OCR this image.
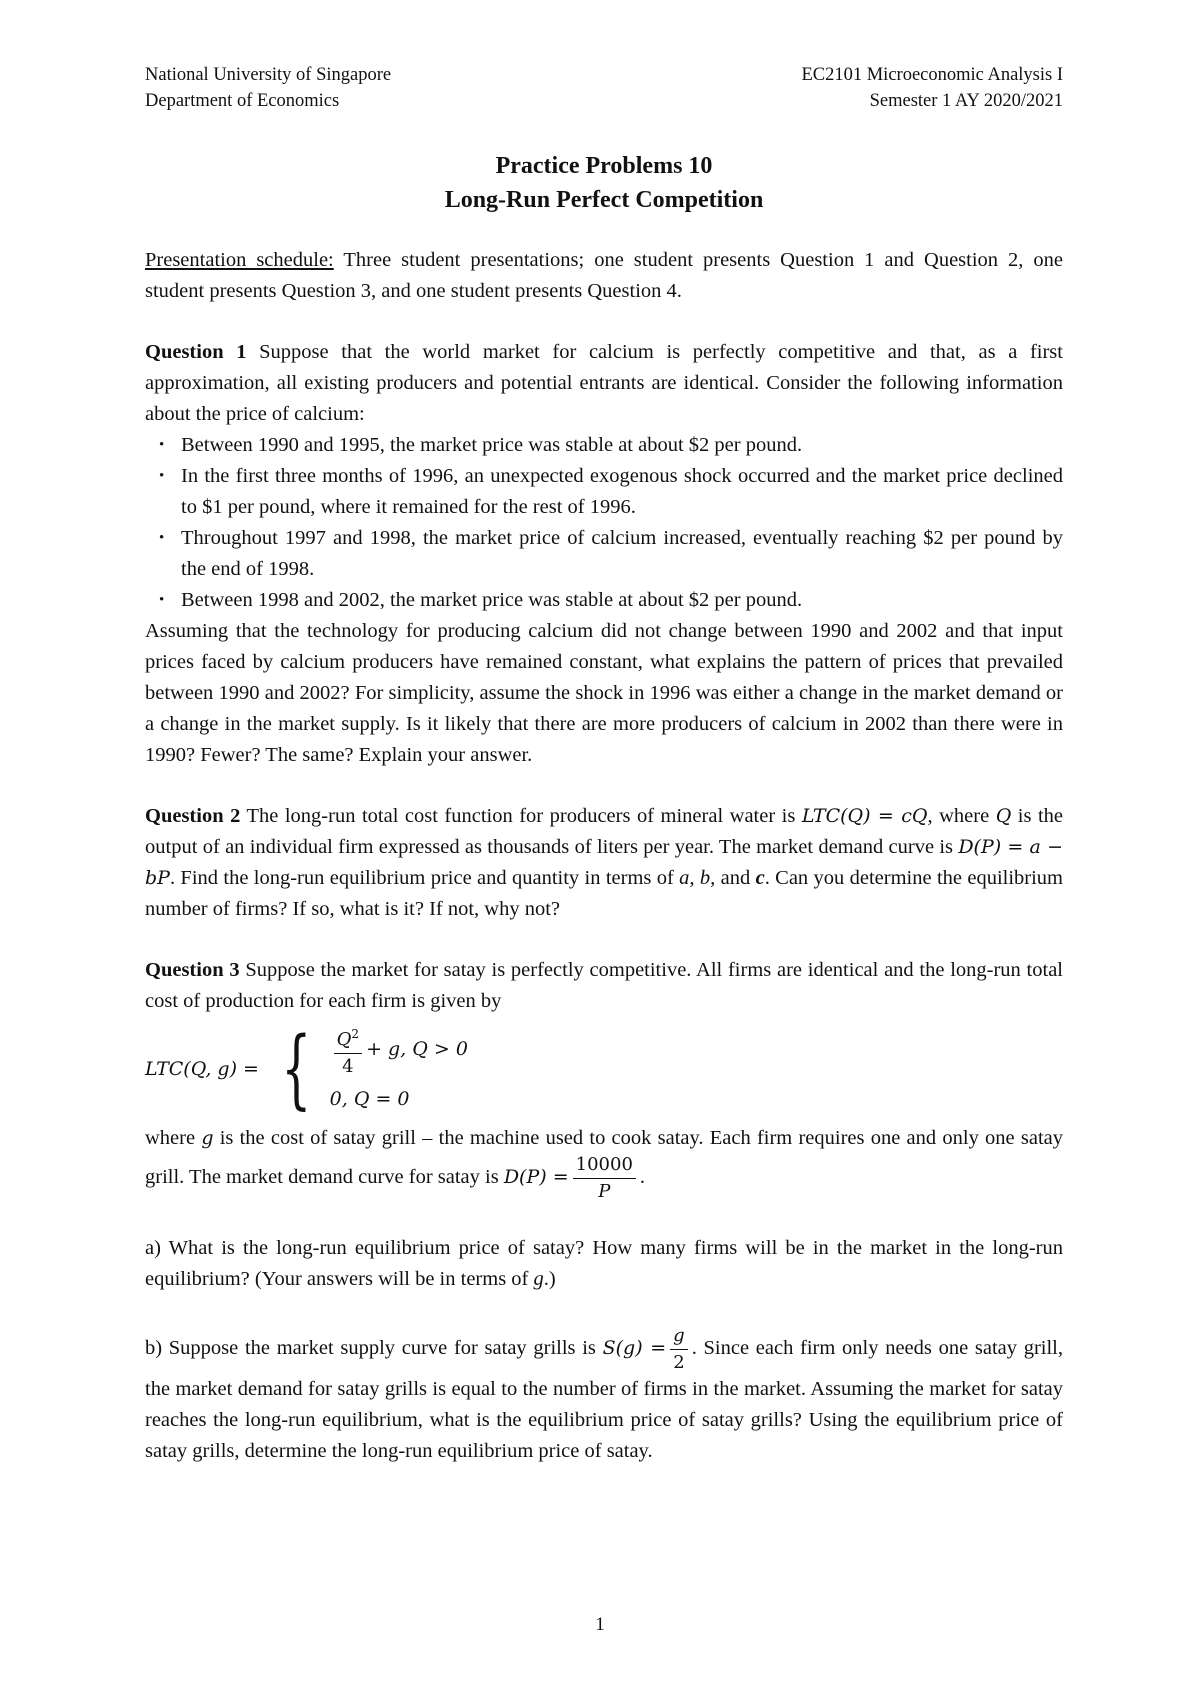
National University of Singapore	EC2101 Microeconomic Analysis I
Department of Economics	Semester 1 AY 2020/2021
Practice Problems 10
Long-Run Perfect Competition

Presentation schedule: Three student presentations; one student presents Question 1 and Question 2, one student presents Question 3, and one student presents Question 4.

Question 1 Suppose that the world market for calcium is perfectly competitive and that, as a first approximation, all existing producers and potential entrants are identical. Consider the following information about the price of calcium:

• Between 1990 and 1995, the market price was stable at about $2 per pound.
• In the first three months of 1996, an unexpected exogenous shock occurred and the market price declined to $1 per pound, where it remained for the rest of 1996.
• Throughout 1997 and 1998, the market price of calcium increased, eventually reaching $2 per pound by the end of 1998.
• Between 1998 and 2002, the market price was stable at about $2 per pound.

Assuming that the technology for producing calcium did not change between 1990 and 2002 and that input prices faced by calcium producers have remained constant, what explains the pattern of prices that prevailed between 1990 and 2002? For simplicity, assume the shock in 1996 was either a change in the market demand or a change in the market supply. Is it likely that there are more producers of calcium in 2002 than there were in 1990? Fewer? The same? Explain your answer.

Question 2 The long-run total cost function for producers of mineral water is LTC(Q) = cQ, where Q is the output of an individual firm expressed as thousands of liters per year. The market demand curve is D(P) = a − bP. Find the long-run equilibrium price and quantity in terms of a, b, and c. Can you determine the equilibrium number of firms? If so, what is it? If not, why not?

Question 3 Suppose the market for satay is perfectly competitive. All firms are identical and the long-run total cost of production for each firm is given by

LTC(Q, g) = { $\frac{Q^2}{4} + g$, Q > 0
0, Q = 0

where g is the cost of satay grill – the machine used to cook satay. Each firm requires one and only one satay grill. The market demand curve for satay is $D(P) = \frac{10000}{P}$ .

a) What is the long-run equilibrium price of satay? How many firms will be in the market in the long-run equilibrium? (Your answers will be in terms of g.)

b) Suppose the market supply curve for satay grills is $S(g) = \frac{g}{2}$ . Since each firm only needs one satay grill, the market demand for satay grills is equal to the number of firms in the market. Assuming the market for satay reaches the long-run equilibrium, what is the equilibrium price of satay grills? Using the equilibrium price of satay grills, determine the long-run equilibrium price of satay.

1
